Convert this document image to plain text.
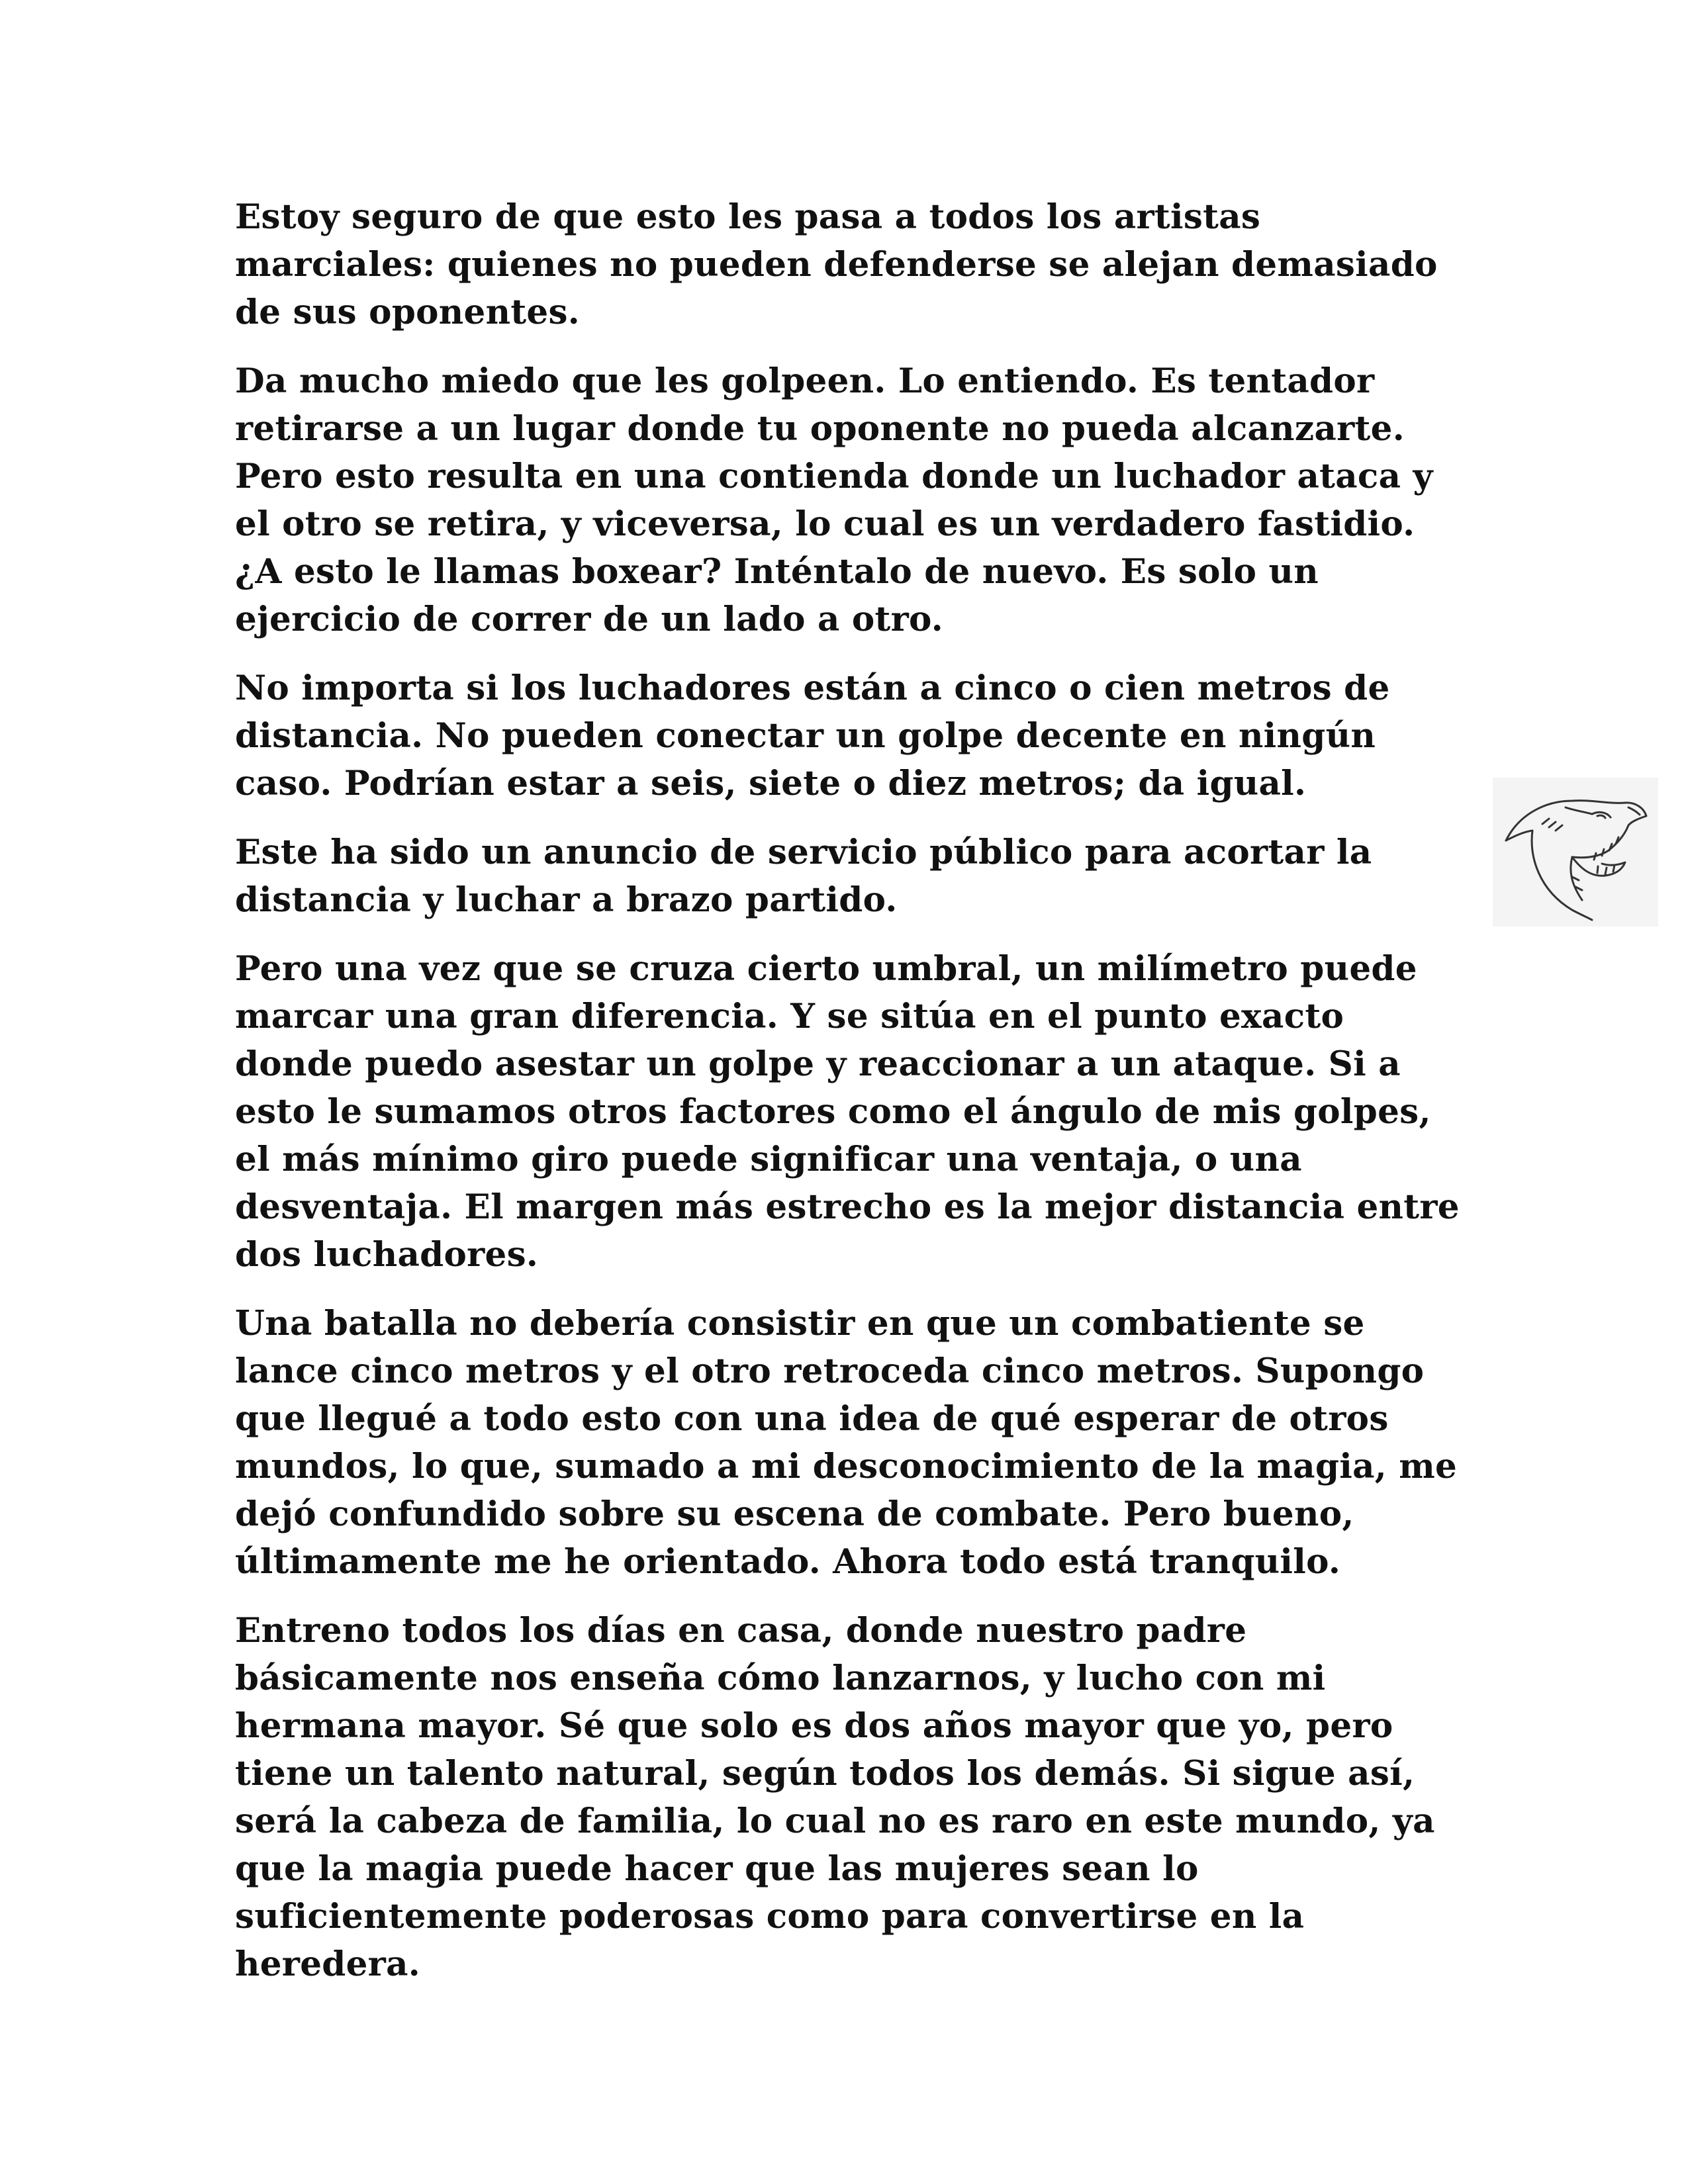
Estoy seguro de que esto les pasa a todos los artistas
marciales: quienes no pueden defenderse se alejan demasiado
de sus oponentes.

Da mucho miedo que les golpeen. Lo entiendo. Es tentador
retirarse a un lugar donde tu oponente no pueda alcanzarte.
Pero esto resulta en una contienda donde un luchador ataca y
el otro se retira, y viceversa, lo cual es un verdadero fastidio.
¿A esto le llamas boxear? Inténtalo de nuevo. Es solo un
ejercicio de correr de un lado a otro.

No importa si los luchadores están a cinco o cien metros de
distancia. No pueden conectar un golpe decente en ningún
caso. Podrían estar a seis, siete o diez metros; da igual.

Este ha sido un anuncio de servicio público para acortar la
distancia y luchar a brazo partido.

Pero una vez que se cruza cierto umbral, un milímetro puede
marcar una gran diferencia. Y se sitúa en el punto exacto
donde puedo asestar un golpe y reaccionar a un ataque. Si a
esto le sumamos otros factores como el ángulo de mis golpes,
el más mínimo giro puede significar una ventaja, o una
desventaja. El margen más estrecho es la mejor distancia entre
dos luchadores.

Una batalla no debería consistir en que un combatiente se
lance cinco metros y el otro retroceda cinco metros. Supongo
que llegué a todo esto con una idea de qué esperar de otros
mundos, lo que, sumado a mi desconocimiento de la magia, me
dejó confundido sobre su escena de combate. Pero bueno,
últimamente me he orientado. Ahora todo está tranquilo.

Entreno todos los días en casa, donde nuestro padre
básicamente nos enseña cómo lanzarnos, y lucho con mi
hermana mayor. Sé que solo es dos años mayor que yo, pero
tiene un talento natural, según todos los demás. Si sigue así,
será la cabeza de familia, lo cual no es raro en este mundo, ya
que la magia puede hacer que las mujeres sean lo
suficientemente poderosas como para convertirse en la
heredera.
